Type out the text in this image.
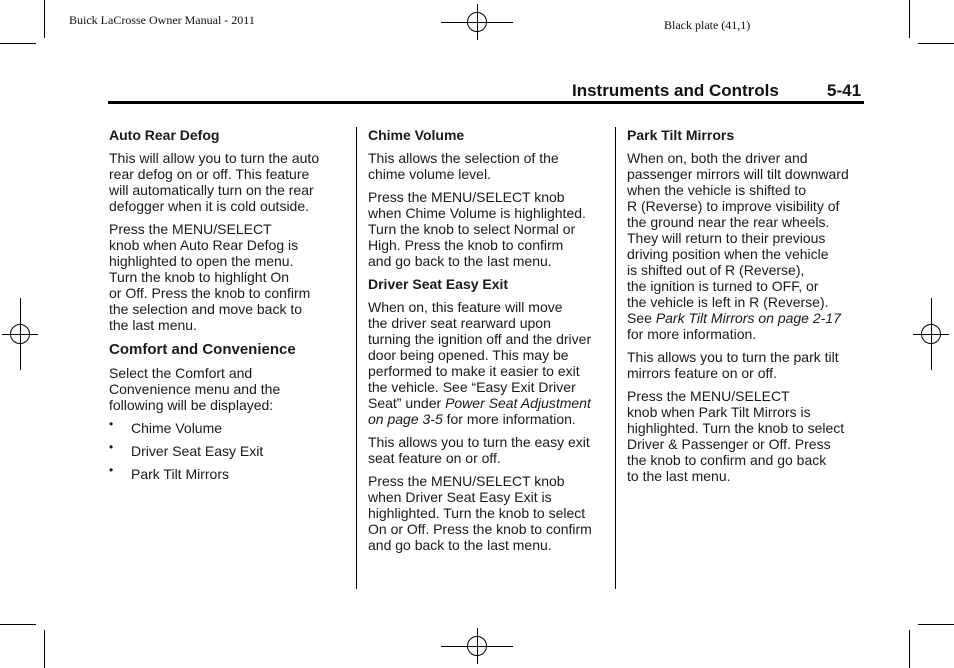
Buick LaCrosse Owner Manual - 2011	Black plate (41,1)
Instruments and Controls	5-41
Auto Rear Defog

This will allow you to turn the auto
rear defog on or off. This feature
will automatically turn on the rear
defogger when it is cold outside.

Press the MENU/SELECT
knob when Auto Rear Defog is
highlighted to open the menu.
Turn the knob to highlight On
or Off. Press the knob to confirm
the selection and move back to
the last menu.

Comfort and Convenience

Select the Comfort and
Convenience menu and the
following will be displayed:

• Chime Volume
• Driver Seat Easy Exit
• Park Tilt Mirrors
Chime Volume

This allows the selection of the
chime volume level.

Press the MENU/SELECT knob
when Chime Volume is highlighted.
Turn the knob to select Normal or
High. Press the knob to confirm
and go back to the last menu.

Driver Seat Easy Exit

When on, this feature will move
the driver seat rearward upon
turning the ignition off and the driver
door being opened. This may be
performed to make it easier to exit
the vehicle. See “Easy Exit Driver
Seat” under Power Seat Adjustment
on page 3‑5 for more information.

This allows you to turn the easy exit
seat feature on or off.

Press the MENU/SELECT knob
when Driver Seat Easy Exit is
highlighted. Turn the knob to select
On or Off. Press the knob to confirm
and go back to the last menu.

Park Tilt Mirrors

When on, both the driver and
passenger mirrors will tilt downward
when the vehicle is shifted to
R (Reverse) to improve visibility of
the ground near the rear wheels.
They will return to their previous
driving position when the vehicle
is shifted out of R (Reverse),
the ignition is turned to OFF, or
the vehicle is left in R (Reverse).
See Park Tilt Mirrors on page 2‑17
for more information.

This allows you to turn the park tilt
mirrors feature on or off.

Press the MENU/SELECT
knob when Park Tilt Mirrors is
highlighted. Turn the knob to select
Driver & Passenger or Off. Press
the knob to confirm and go back
to the last menu.
